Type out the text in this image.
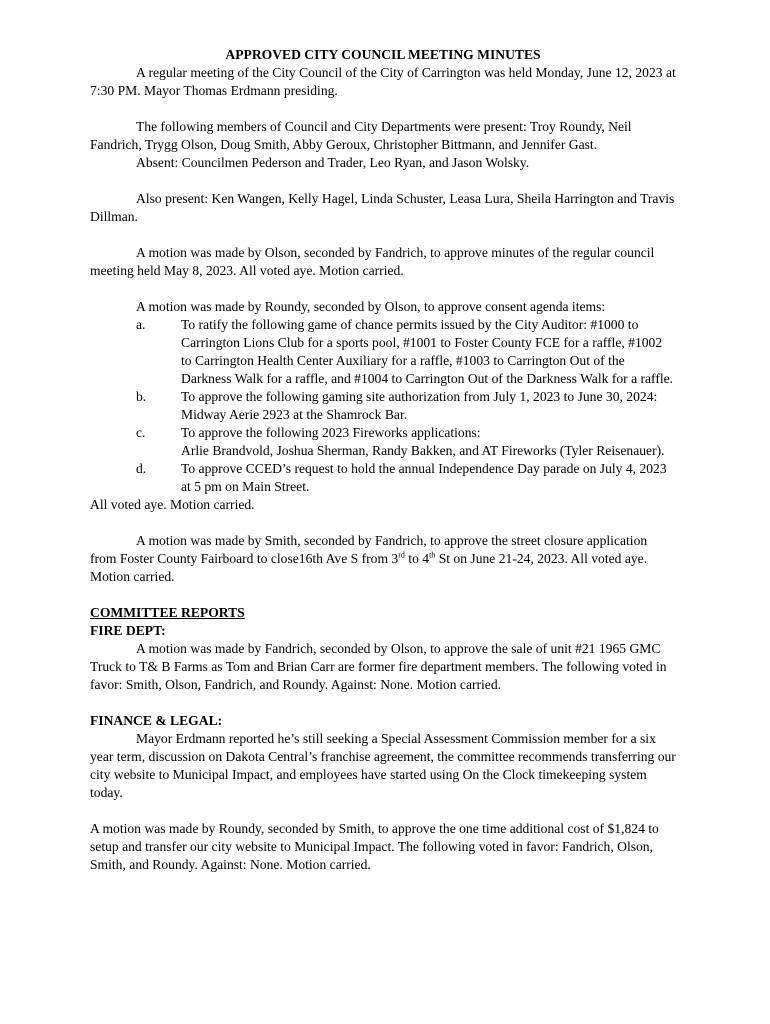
APPROVED CITY COUNCIL MEETING MINUTES

A regular meeting of the City Council of the City of Carrington was held Monday, June 12, 2023 at 7:30 PM. Mayor Thomas Erdmann presiding.

The following members of Council and City Departments were present: Troy Roundy, Neil Fandrich, Trygg Olson, Doug Smith, Abby Geroux, Christopher Bittmann, and Jennifer Gast.

Absent: Councilmen Pederson and Trader, Leo Ryan, and Jason Wolsky.

Also present: Ken Wangen, Kelly Hagel, Linda Schuster, Leasa Lura, Sheila Harrington and Travis Dillman.

A motion was made by Olson, seconded by Fandrich, to approve minutes of the regular council meeting held May 8, 2023. All voted aye. Motion carried.

A motion was made by Roundy, seconded by Olson, to approve consent agenda items:

a.	To ratify the following game of chance permits issued by the City Auditor: #1000 to Carrington Lions Club for a sports pool, #1001 to Foster County FCE for a raffle, #1002 to Carrington Health Center Auxiliary for a raffle, #1003 to Carrington Out of the Darkness Walk for a raffle, and #1004 to Carrington Out of the Darkness Walk for a raffle.
b.	To approve the following gaming site authorization from July 1, 2023 to June 30, 2024: Midway Aerie 2923 at the Shamrock Bar.
c.	To approve the following 2023 Fireworks applications:
Arlie Brandvold, Joshua Sherman, Randy Bakken, and AT Fireworks (Tyler Reisenauer).
d.	To approve CCED’s request to hold the annual Independence Day parade on July 4, 2023 at 5 pm on Main Street.

All voted aye. Motion carried.

A motion was made by Smith, seconded by Fandrich, to approve the street closure application from Foster County Fairboard to close16th Ave S from 3rd to 4th St on June 21-24, 2023. All voted aye. Motion carried.

COMMITTEE REPORTS

FIRE DEPT:

A motion was made by Fandrich, seconded by Olson, to approve the sale of unit #21 1965 GMC Truck to T& B Farms as Tom and Brian Carr are former fire department members. The following voted in favor: Smith, Olson, Fandrich, and Roundy. Against: None. Motion carried.

FINANCE & LEGAL:

Mayor Erdmann reported he’s still seeking a Special Assessment Commission member for a six year term, discussion on Dakota Central’s franchise agreement, the committee recommends transferring our city website to Municipal Impact, and employees have started using On the Clock timekeeping system today.

A motion was made by Roundy, seconded by Smith, to approve the one time additional cost of $1,824 to setup and transfer our city website to Municipal Impact. The following voted in favor: Fandrich, Olson, Smith, and Roundy. Against: None. Motion carried.
